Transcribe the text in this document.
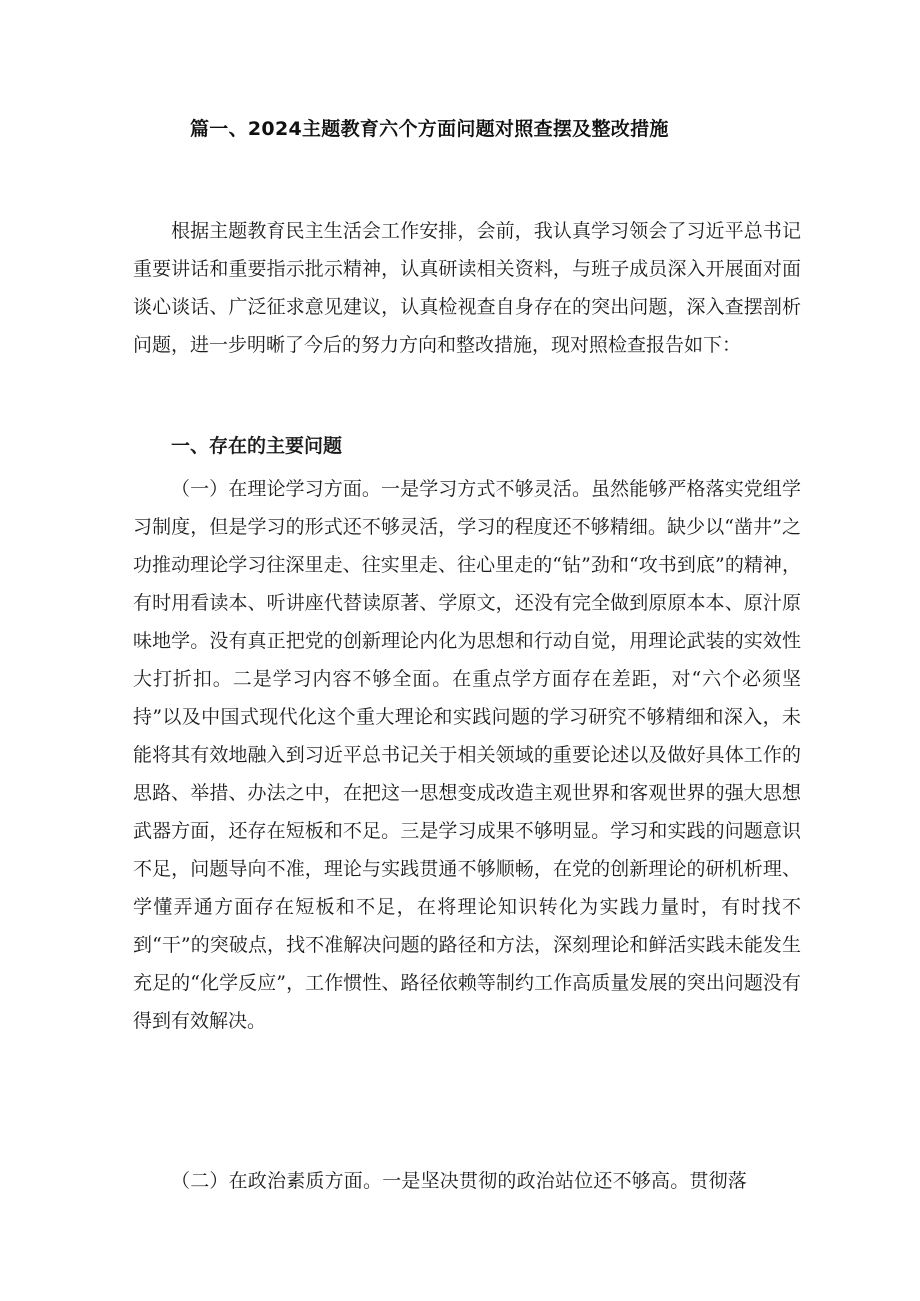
篇一、2024主题教育六个方面问题对照查摆及整改措施

根据主题教育民主生活会工作安排，会前，我认真学习领会了习近平总书记重要讲话和重要指示批示精神，认真研读相关资料，与班子成员深入开展面对面谈心谈话、广泛征求意见建议，认真检视查自身存在的突出问题，深入查摆剖析问题，进一步明晰了今后的努力方向和整改措施，现对照检查报告如下：

一、存在的主要问题

（一）在理论学习方面。一是学习方式不够灵活。虽然能够严格落实党组学习制度，但是学习的形式还不够灵活，学习的程度还不够精细。缺少以“凿井”之功推动理论学习往深里走、往实里走、往心里走的“钻”劲和“攻书到底”的精神，有时用看读本、听讲座代替读原著、学原文，还没有完全做到原原本本、原汁原味地学。没有真正把党的创新理论内化为思想和行动自觉，用理论武装的实效性大打折扣。二是学习内容不够全面。在重点学方面存在差距，对“六个必须坚持”以及中国式现代化这个重大理论和实践问题的学习研究不够精细和深入，未能将其有效地融入到习近平总书记关于相关领域的重要论述以及做好具体工作的思路、举措、办法之中，在把这一思想变成改造主观世界和客观世界的强大思想武器方面，还存在短板和不足。三是学习成果不够明显。学习和实践的问题意识不足，问题导向不准，理论与实践贯通不够顺畅，在党的创新理论的研机析理、学懂弄通方面存在短板和不足，在将理论知识转化为实践力量时，有时找不到“干”的突破点，找不准解决问题的路径和方法，深刻理论和鲜活实践未能发生充足的“化学反应”，工作惯性、路径依赖等制约工作高质量发展的突出问题没有得到有效解决。

（二）在政治素质方面。一是坚决贯彻的政治站位还不够高。贯彻落
